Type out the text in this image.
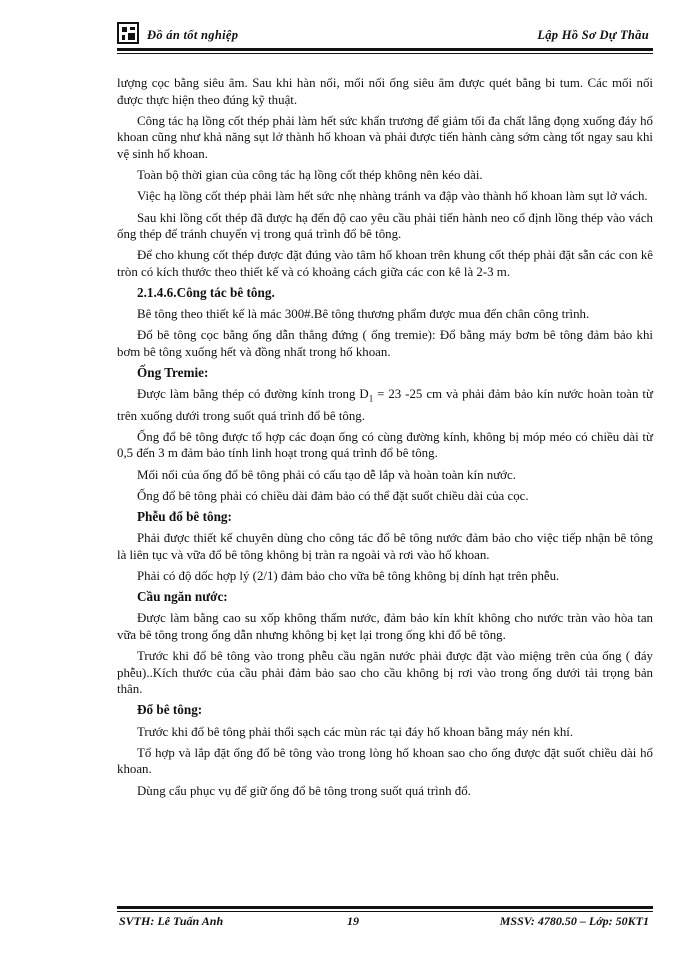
Đồ án tốt nghiệp	Lập Hồ Sơ Dự Thầu

lượng cọc bằng siêu âm. Sau khi hàn nối, mối nối ống siêu âm được quét bằng bi tum. Các mối nối được thực hiện theo đúng kỹ thuật.

Công tác hạ lồng cốt thép phải làm hết sức khẩn trương để giảm tối đa chất lắng đọng xuống đáy hố khoan cũng như khả năng sụt lở thành hố khoan và phải được tiến hành càng sớm càng tốt ngay sau khi vệ sinh hố khoan.

Toàn bộ thời gian của công tác hạ lồng cốt thép không nên kéo dài.

Việc hạ lồng cốt thép phải làm hết sức nhẹ nhàng tránh va đập vào thành hố khoan làm sụt lở vách.

Sau khi lồng cốt thép đã được hạ đến độ cao yêu cầu phải tiến hành neo cố định lồng thép vào vách ống thép để tránh chuyển vị trong quá trình đổ bê tông.

Để cho khung cốt thép được đặt đúng vào tâm hố khoan trên khung cốt thép phải đặt sẵn các con kê tròn có kích thước theo thiết kế và có khoảng cách giữa các con kê là 2-3 m.

2.1.4.6.Công tác bê tông.

Bê tông theo thiết kế là mác 300#.Bê tông thương phẩm được mua đến chân công trình.

Đổ bê tông cọc bằng ống dẫn thẳng đứng ( ống tremie): Đổ bằng máy bơm bê tông đảm bảo khi bơm bê tông xuống hết và đồng nhất trong hố khoan.

Ống Tremie:

Được làm bằng thép có đường kính trong $D_1 = 23$ -25 cm và phải đảm bảo kín nước hoàn toàn từ trên xuống dưới trong suốt quá trình đổ bê tông.

Ống đổ bê tông được tổ hợp các đoạn ống có cùng đường kính, không bị móp méo có chiều dài từ 0,5 đến 3 m đảm bảo tính linh hoạt trong quá trình đổ bê tông.

Mối nối của ống đổ bê tông phải có cấu tạo dễ lắp và hoàn toàn kín nước.

Ống đổ bê tông phải có chiều dài đảm bảo có thể đặt suốt chiều dài của cọc.

Phễu đổ bê tông:

Phải được thiết kế chuyên dùng cho công tác đổ bê tông nước đảm bảo cho việc tiếp nhận bê tông là liên tục và vữa đổ bê tông không bị tràn ra ngoài và rơi vào hố khoan.

Phải có độ dốc hợp lý (2/1) đảm bảo cho vữa bê tông không bị dính hạt trên phễu.

Cầu ngăn nước:

Được làm bằng cao su xốp không thấm nước, đảm bảo kín khít không cho nước tràn vào hòa tan vữa bê tông trong ống dẫn nhưng không bị kẹt lại trong ống khi đổ bê tông.

Trước khi đổ bê tông vào trong phễu cầu ngăn nước phải được đặt vào miệng trên của ống ( đáy phễu)..Kích thước của cầu phải đảm bảo sao cho cầu không bị rơi vào trong ống dưới tải trọng bản thân.

Đổ bê tông:

Trước khi đổ bê tông phải thổi sạch các mùn rác tại đáy hố khoan bằng máy nén khí.

Tổ hợp và lắp đặt ống đổ bê tông vào trong lòng hố khoan sao cho ống được đặt suốt chiều dài hố khoan.

Dùng cẩu phục vụ để giữ ống đổ bê tông trong suốt quá trình đổ.

SVTH: Lê Tuấn Anh	19	MSSV: 4780.50 – Lớp: 50KT1
